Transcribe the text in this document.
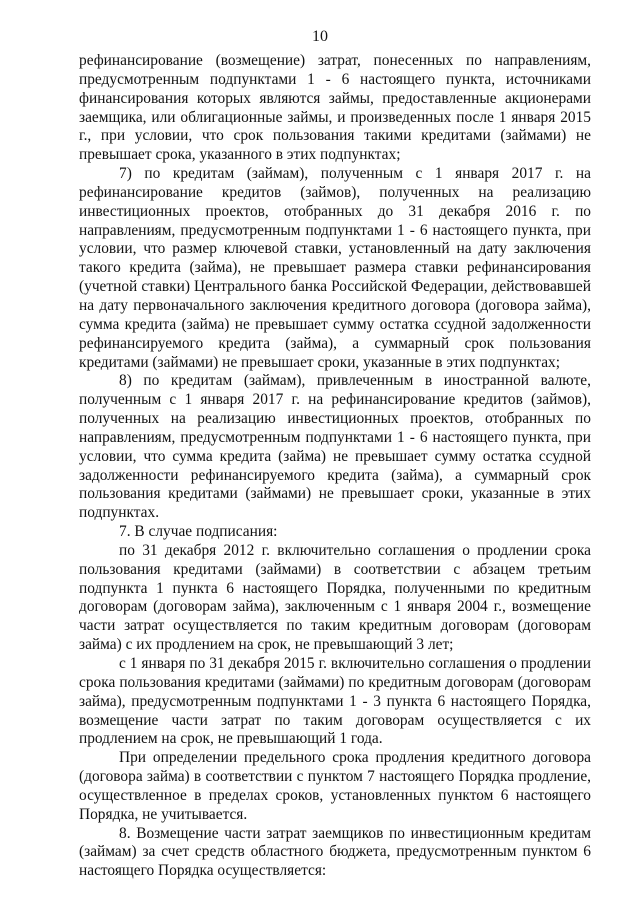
10

рефинансирование (возмещение) затрат, понесенных по направлениям, предусмотренным подпунктами 1 - 6 настоящего пункта, источниками финансирования которых являются займы, предоставленные акционерами заемщика, или облигационные займы, и произведенных после 1 января 2015 г., при условии, что срок пользования такими кредитами (займами) не превышает срока, указанного в этих подпунктах;

7) по кредитам (займам), полученным с 1 января 2017 г. на рефинансирование кредитов (займов), полученных на реализацию инвестиционных проектов, отобранных до 31 декабря 2016 г. по направлениям, предусмотренным подпунктами 1 - 6 настоящего пункта, при условии, что размер ключевой ставки, установленный на дату заключения такого кредита (займа), не превышает размера ставки рефинансирования (учетной ставки) Центрального банка Российской Федерации, действовавшей на дату первоначального заключения кредитного договора (договора займа), сумма кредита (займа) не превышает сумму остатка ссудной задолженности рефинансируемого кредита (займа), а суммарный срок пользования кредитами (займами) не превышает сроки, указанные в этих подпунктах;

8) по кредитам (займам), привлеченным в иностранной валюте, полученным с 1 января 2017 г. на рефинансирование кредитов (займов), полученных на реализацию инвестиционных проектов, отобранных по направлениям, предусмотренным подпунктами 1 - 6 настоящего пункта, при условии, что сумма кредита (займа) не превышает сумму остатка ссудной задолженности рефинансируемого кредита (займа), а суммарный срок пользования кредитами (займами) не превышает сроки, указанные в этих подпунктах.

7. В случае подписания:

по 31 декабря 2012 г. включительно соглашения о продлении срока пользования кредитами (займами) в соответствии с абзацем третьим подпункта 1 пункта 6 настоящего Порядка, полученными по кредитным договорам (договорам займа), заключенным с 1 января 2004 г., возмещение части затрат осуществляется по таким кредитным договорам (договорам займа) с их продлением на срок, не превышающий 3 лет;

с 1 января по 31 декабря 2015 г. включительно соглашения о продлении срока пользования кредитами (займами) по кредитным договорам (договорам займа), предусмотренным подпунктами 1 - 3 пункта 6 настоящего Порядка, возмещение части затрат по таким договорам осуществляется с их продлением на срок, не превышающий 1 года.

При определении предельного срока продления кредитного договора (договора займа) в соответствии с пунктом 7 настоящего Порядка продление, осуществленное в пределах сроков, установленных пунктом 6 настоящего Порядка, не учитывается.

8. Возмещение части затрат заемщиков по инвестиционным кредитам (займам) за счет средств областного бюджета, предусмотренным пунктом 6 настоящего Порядка осуществляется:
